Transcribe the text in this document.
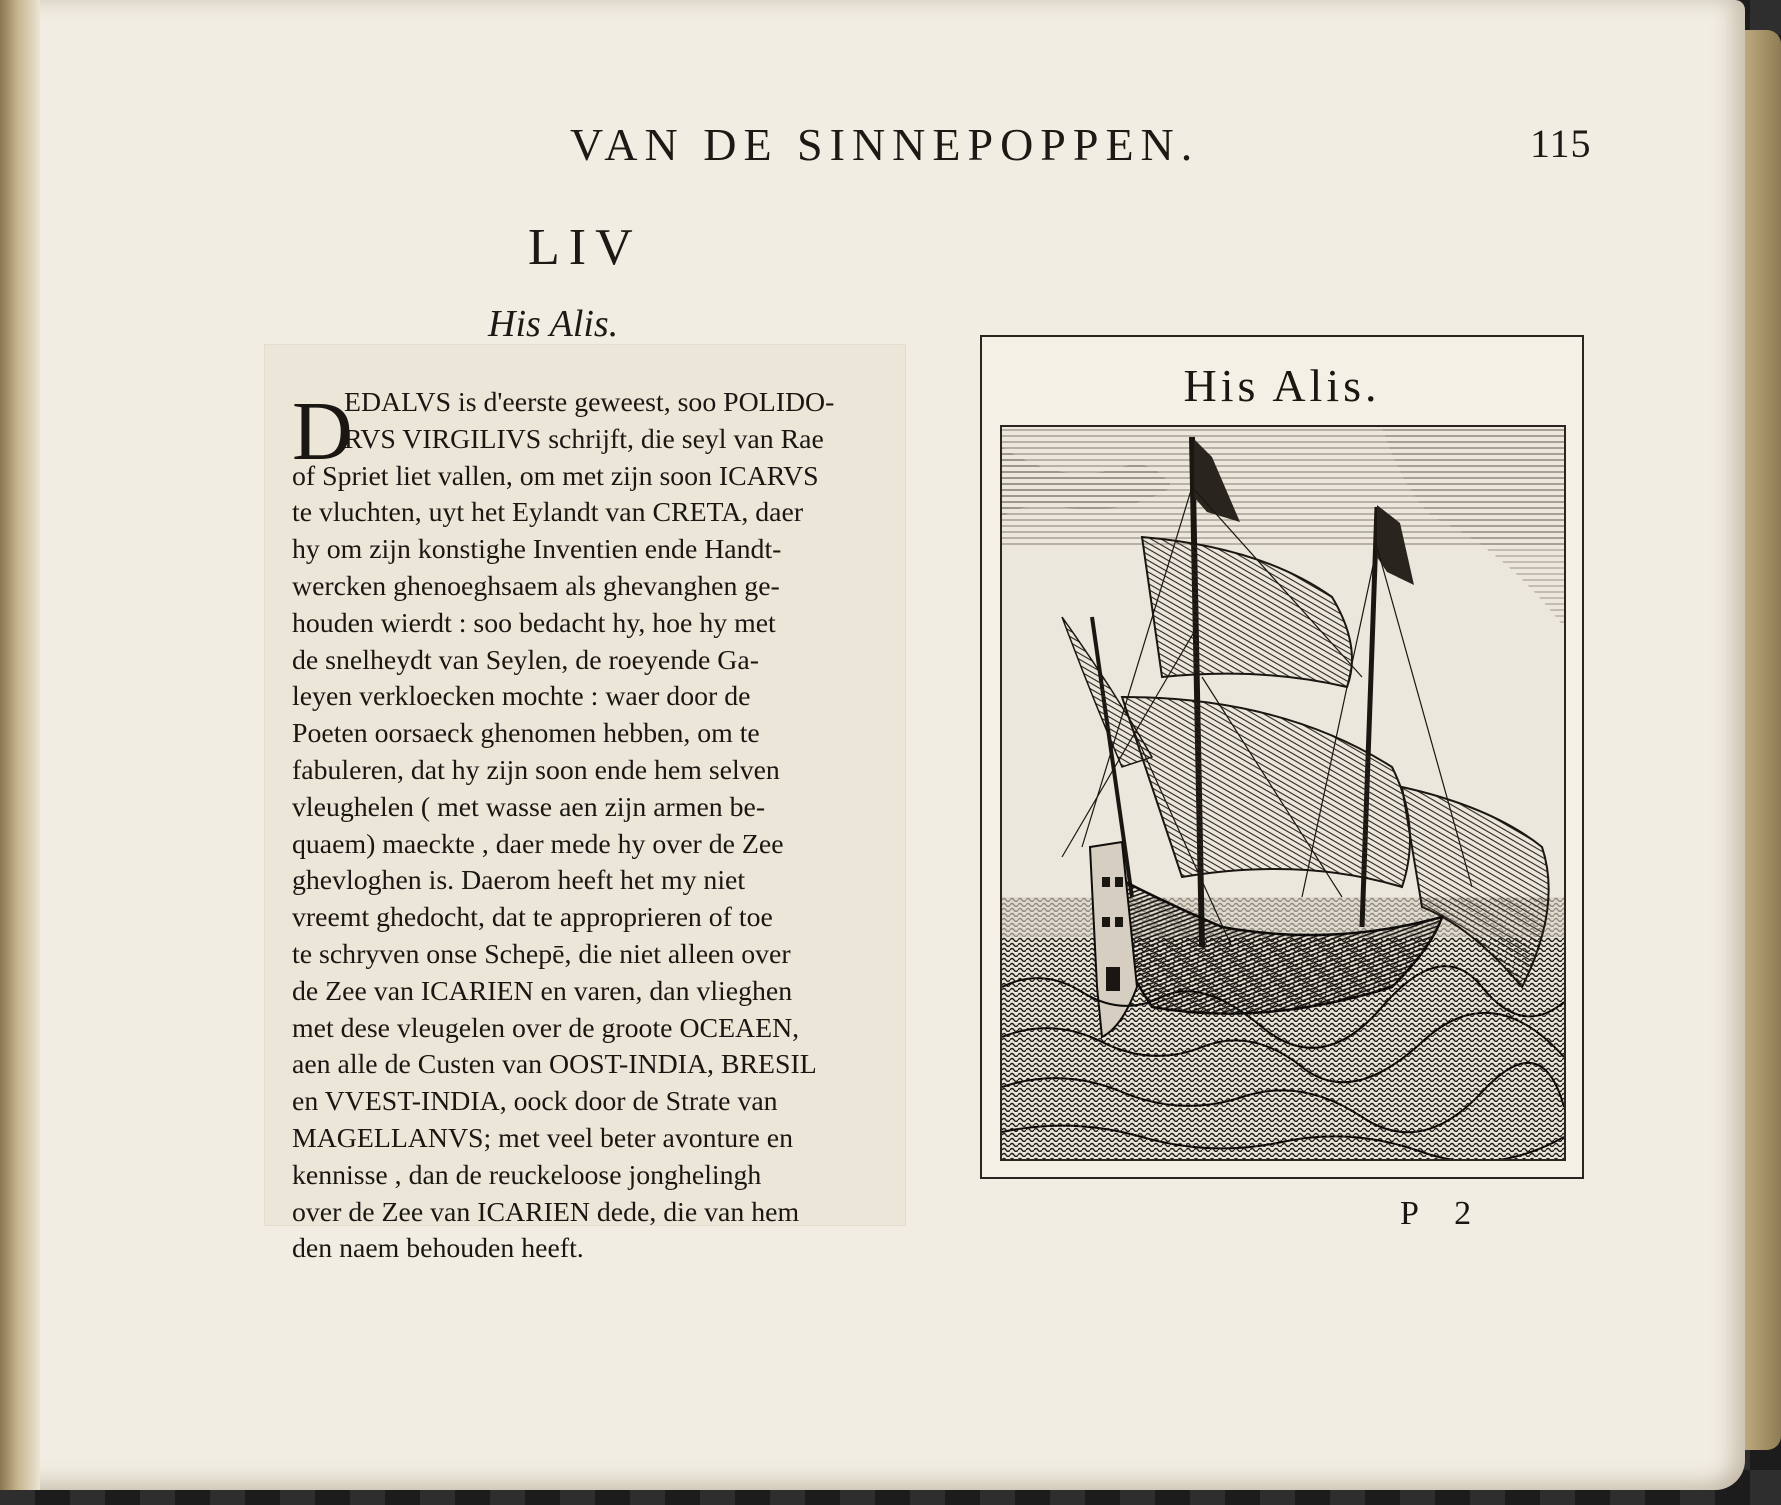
VAN DE SINNEPOPPEN.	115
LIV
His Alis.
D
EDALVS is d'eerste geweest, soo POLIDO-
RVS VIRGILIVS schrijft, die seyl van Rae
of Spriet liet vallen, om met zijn soon ICARVS
te vluchten, uyt het Eylandt van CRETA, daer
hy om zijn konstighe Inventien ende Handt-
wercken ghenoeghsaem als ghevanghen ge-
houden wierdt : soo bedacht hy, hoe hy met
de snelheydt van Seylen, de roeyende Ga-
leyen verkloecken mochte : waer door de
Poeten oorsaeck ghenomen hebben, om te
fabuleren, dat hy zijn soon ende hem selven
vleughelen ( met wasse aen zijn armen be-
quaem) maeckte , daer mede hy over de Zee
ghevloghen is. Daerom heeft het my niet
vreemt ghedocht, dat te approprieren of toe
te schryven onse Schepē, die niet alleen over
de Zee van ICARIEN en varen, dan vlieghen
met dese vleugelen over de groote OCEAEN,
aen alle de Custen van OOST-INDIA, BRESIL
en VVEST-INDIA, oock door de Strate van
MAGELLANVS; met veel beter avonture en
kennisse , dan de reuckeloose jonghelingh
over de Zee van ICARIEN dede, die van hem
den naem behouden heeft.
His Alis.
P 2
